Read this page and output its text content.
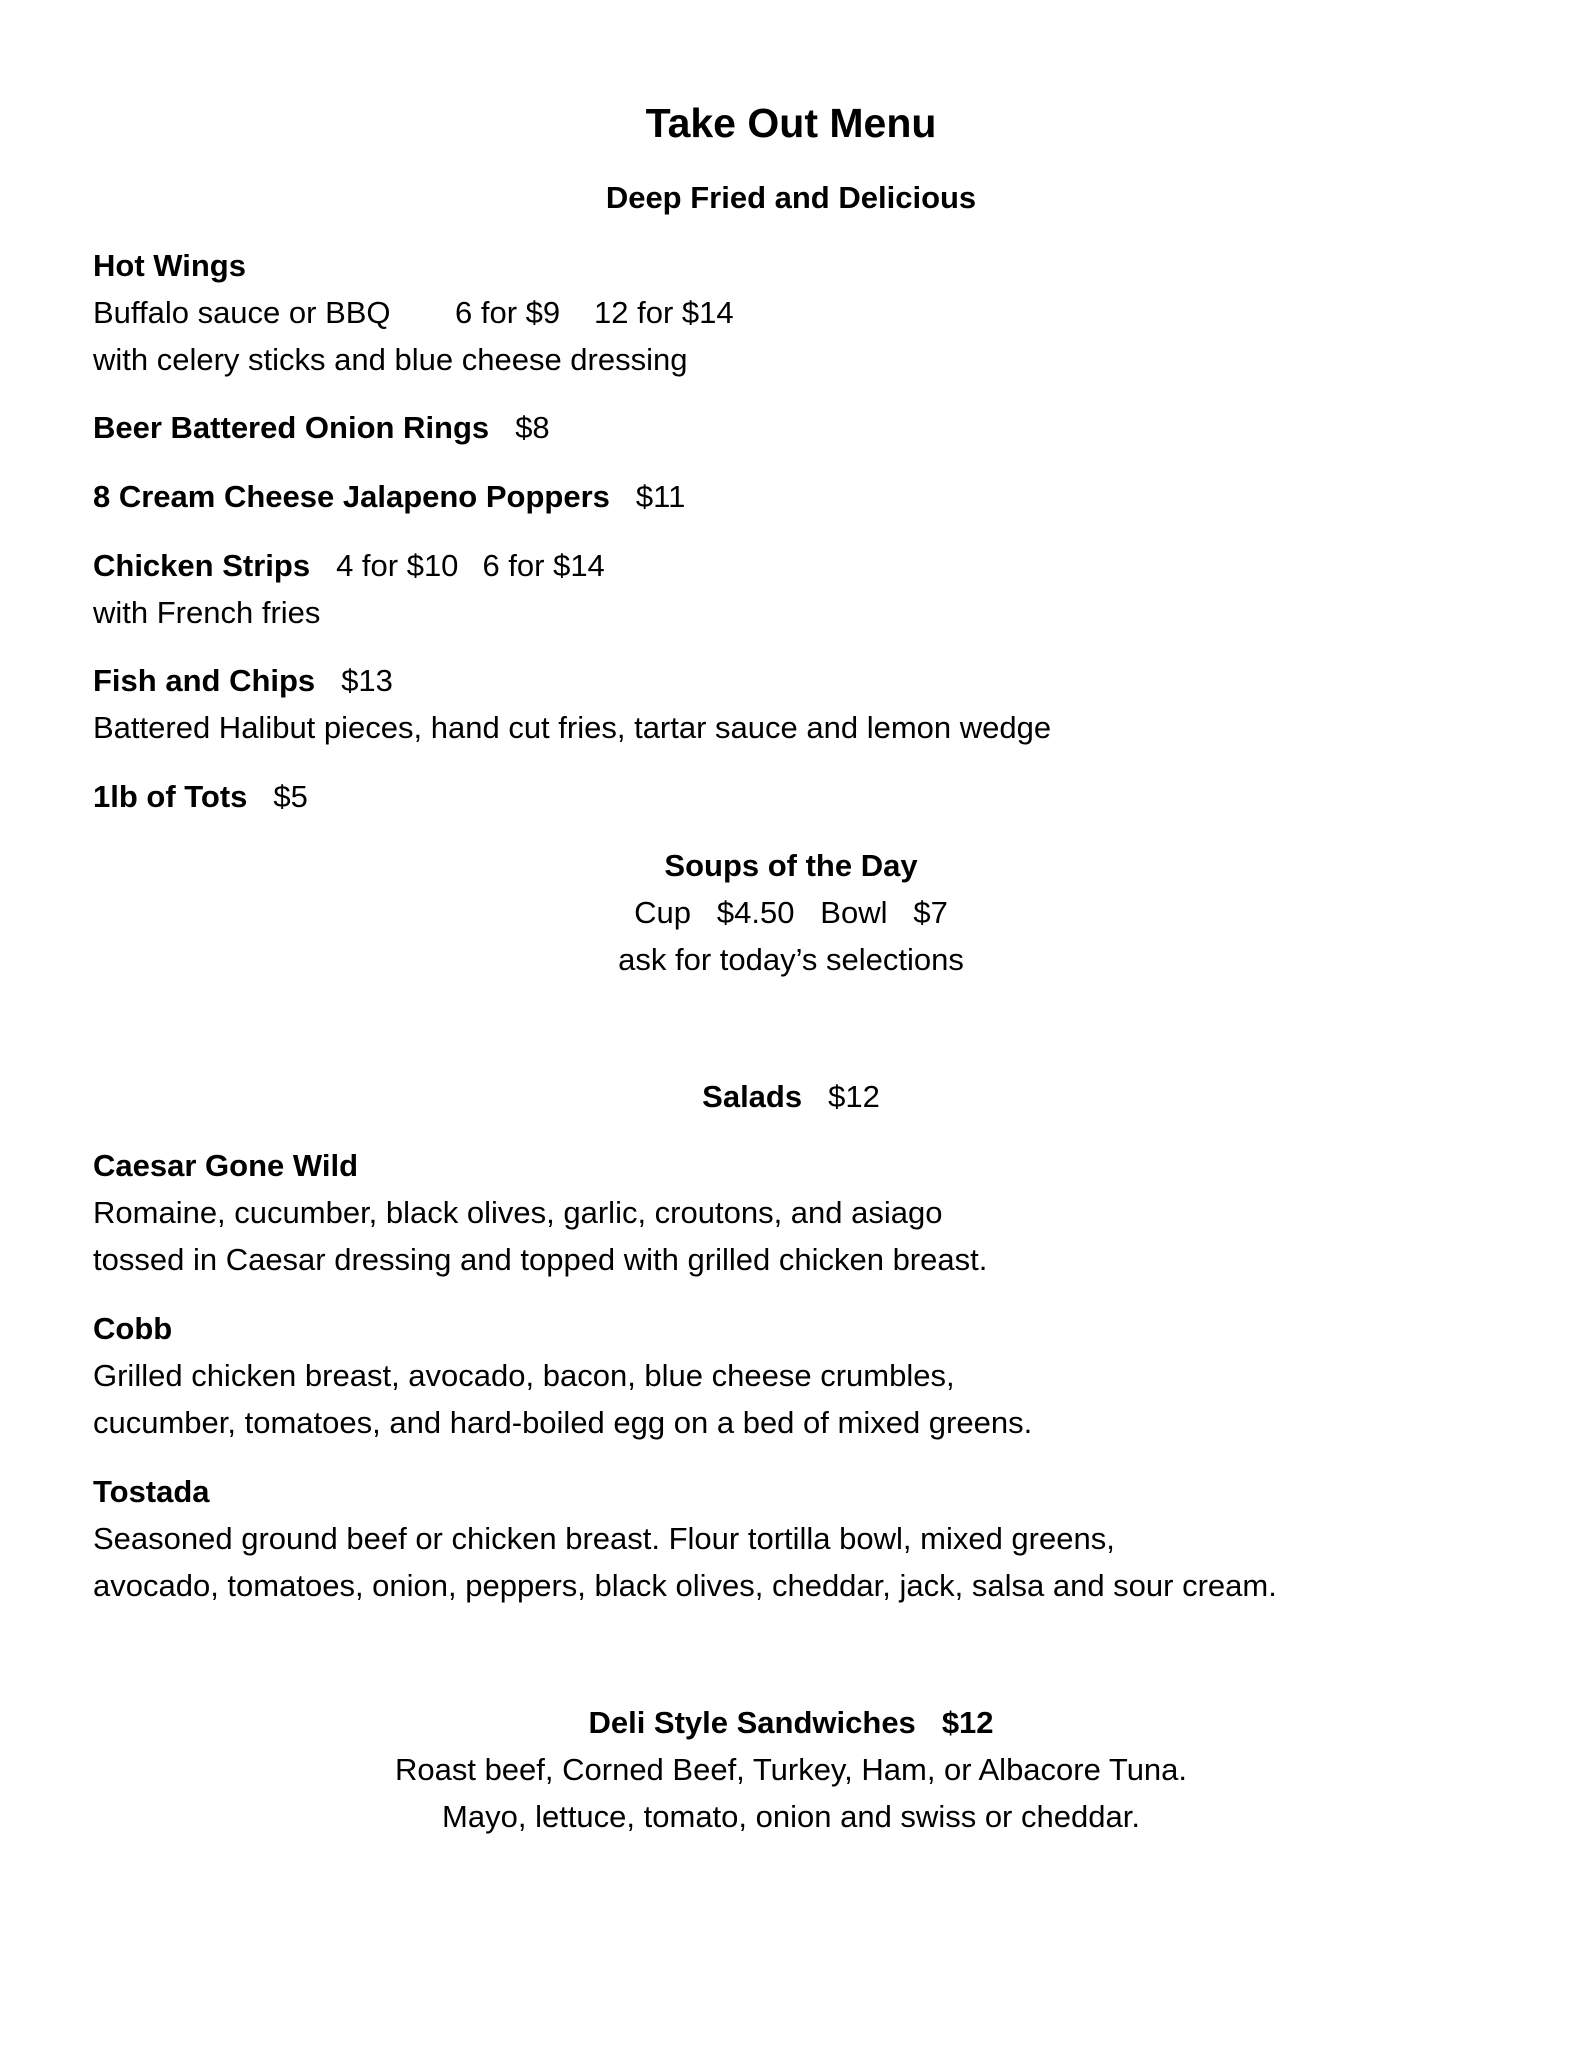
Take Out Menu
Deep Fried and Delicious
Hot Wings
Buffalo sauce or BBQ 6 for $9 12 for $14
with celery sticks and blue cheese dressing
Beer Battered Onion Rings $8
8 Cream Cheese Jalapeno Poppers $11
Chicken Strips 4 for $10 6 for $14
with French fries
Fish and Chips $13
Battered Halibut pieces, hand cut fries, tartar sauce and lemon wedge
1lb of Tots $5
Soups of the Day
Cup   $4.50   Bowl   $7
ask for today’s selections
Salads $12
Caesar Gone Wild
Romaine, cucumber, black olives, garlic, croutons, and asiago
tossed in Caesar dressing and topped with grilled chicken breast.
Cobb
Grilled chicken breast, avocado, bacon, blue cheese crumbles,
cucumber, tomatoes, and hard-boiled egg on a bed of mixed greens.
Tostada
Seasoned ground beef or chicken breast. Flour tortilla bowl, mixed greens,
avocado, tomatoes, onion, peppers, black olives, cheddar, jack, salsa and sour cream.
Deli Style Sandwiches $12
Roast beef, Corned Beef, Turkey, Ham, or Albacore Tuna.
Mayo, lettuce, tomato, onion and swiss or cheddar.
